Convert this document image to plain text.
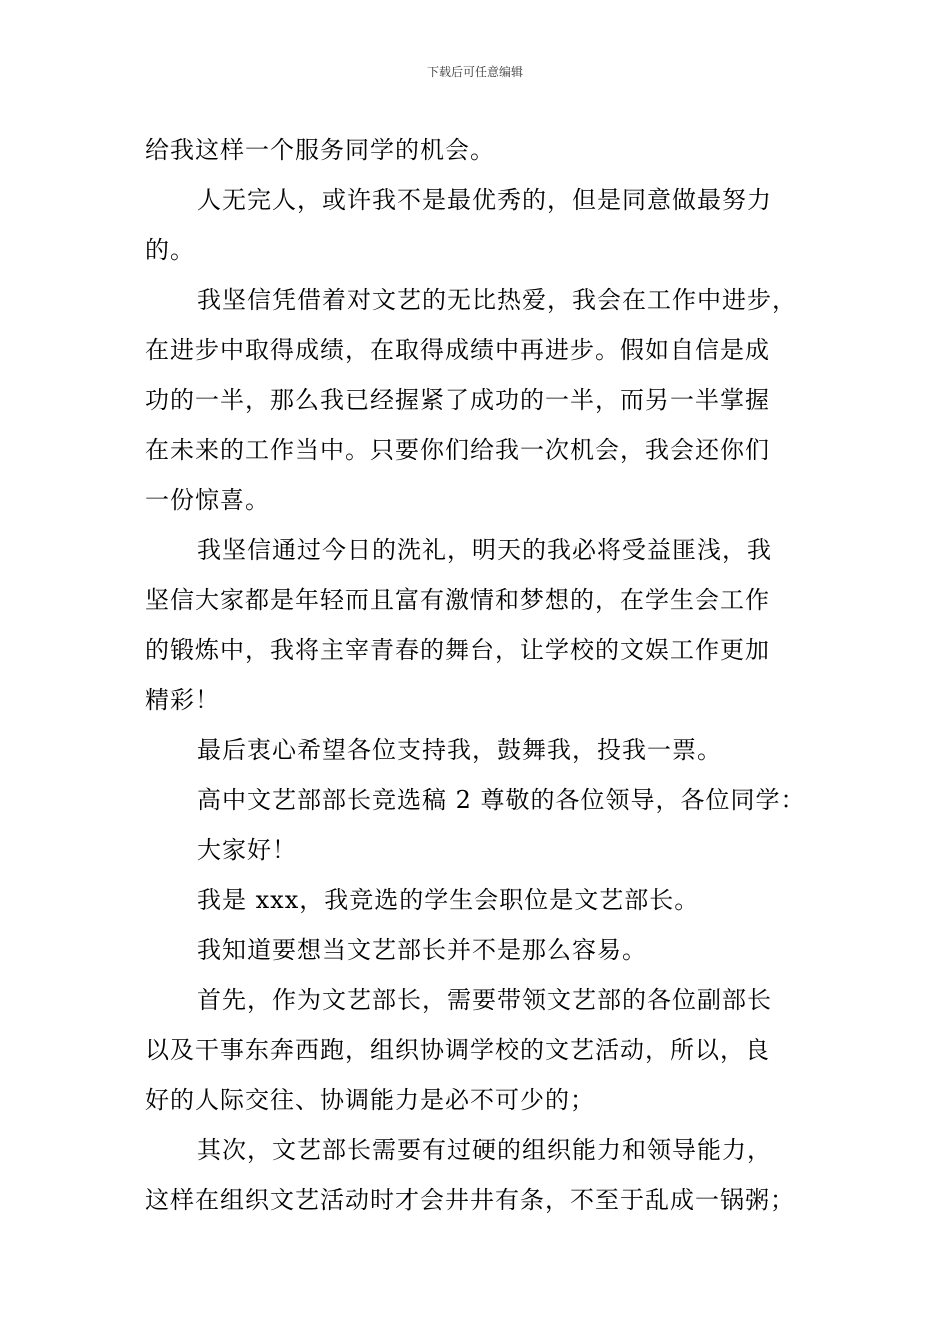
下载后可任意编辑

给我这样一个服务同学的机会。

人无完人，或许我不是最优秀的，但是同意做最努力

的。

我坚信凭借着对文艺的无比热爱，我会在工作中进步，

在进步中取得成绩，在取得成绩中再进步。假如自信是成

功的一半，那么我已经握紧了成功的一半，而另一半掌握

在未来的工作当中。只要你们给我一次机会，我会还你们

一份惊喜。

我坚信通过今日的洗礼，明天的我必将受益匪浅，我

坚信大家都是年轻而且富有激情和梦想的，在学生会工作

的锻炼中，我将主宰青春的舞台，让学校的文娱工作更加

精彩！

最后衷心希望各位支持我，鼓舞我，投我一票。

高中文艺部部长竞选稿 2 尊敬的各位领导，各位同学：

大家好！

我是 xxx，我竞选的学生会职位是文艺部长。

我知道要想当文艺部长并不是那么容易。

首先，作为文艺部长，需要带领文艺部的各位副部长

以及干事东奔西跑，组织协调学校的文艺活动，所以，良

好的人际交往、协调能力是必不可少的；

其次，文艺部长需要有过硬的组织能力和领导能力，

这样在组织文艺活动时才会井井有条，不至于乱成一锅粥；
